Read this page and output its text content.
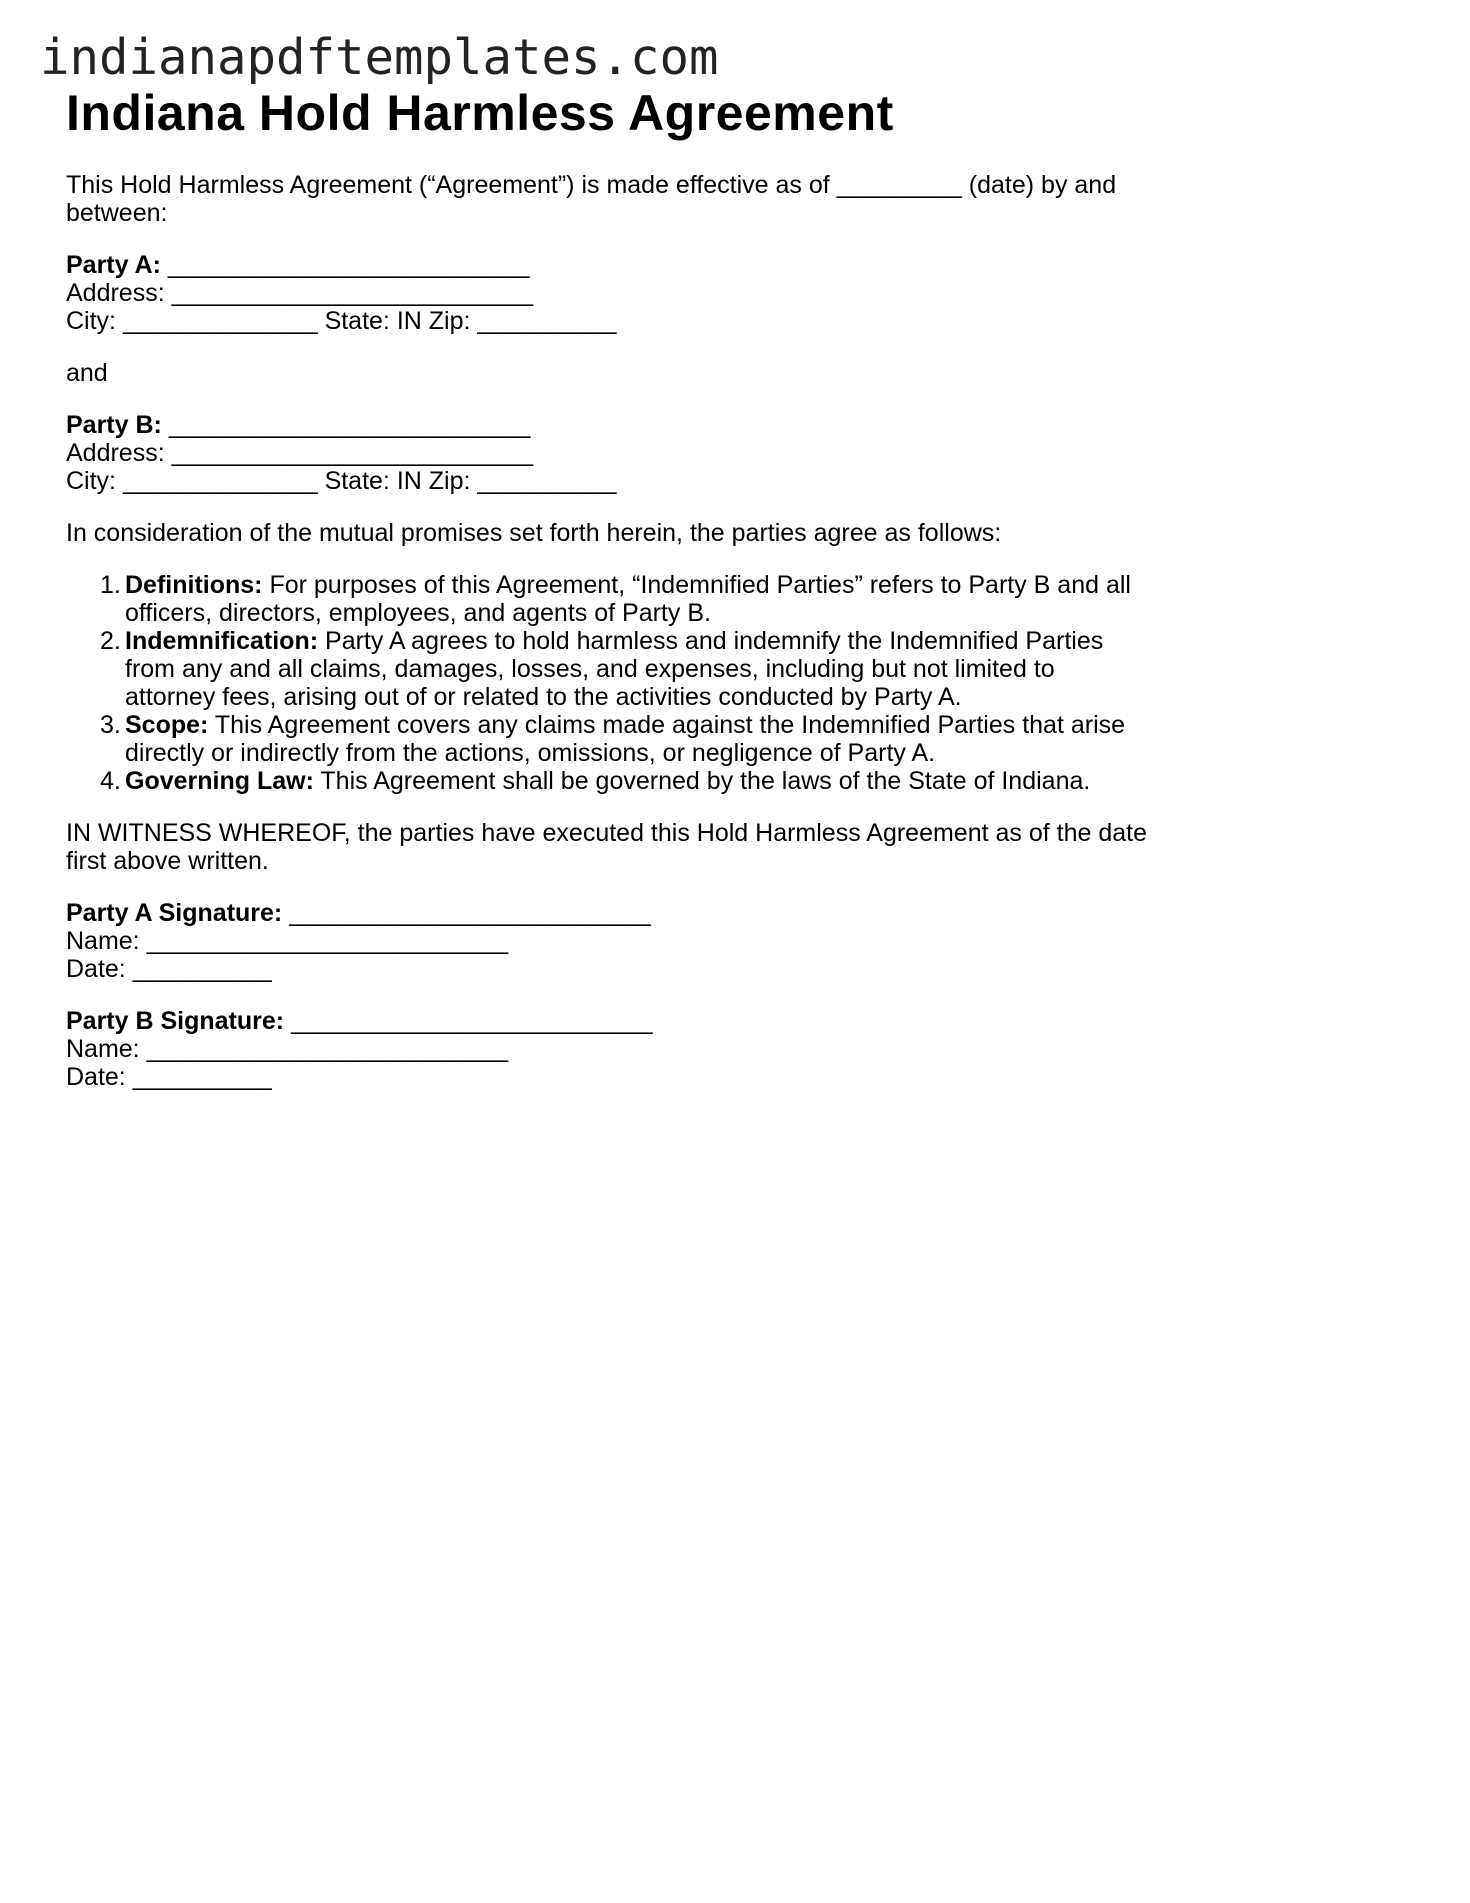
indianapdftemplates.com
Indiana Hold Harmless Agreement

This Hold Harmless Agreement (“Agreement”) is made effective as of _________ (date) by and between:

Party A: __________________________
Address: __________________________
City: ______________ State: IN Zip: __________

and

Party B: __________________________
Address: __________________________
City: ______________ State: IN Zip: __________

In consideration of the mutual promises set forth herein, the parties agree as follows:

1. Definitions: For purposes of this Agreement, “Indemnified Parties” refers to Party B and all officers, directors, employees, and agents of Party B.
2. Indemnification: Party A agrees to hold harmless and indemnify the Indemnified Parties from any and all claims, damages, losses, and expenses, including but not limited to attorney fees, arising out of or related to the activities conducted by Party A.
3. Scope: This Agreement covers any claims made against the Indemnified Parties that arise directly or indirectly from the actions, omissions, or negligence of Party A.
4. Governing Law: This Agreement shall be governed by the laws of the State of Indiana.

IN WITNESS WHEREOF, the parties have executed this Hold Harmless Agreement as of the date first above written.

Party A Signature: __________________________
Name: __________________________
Date: __________
Party B Signature: __________________________
Name: __________________________
Date: __________
